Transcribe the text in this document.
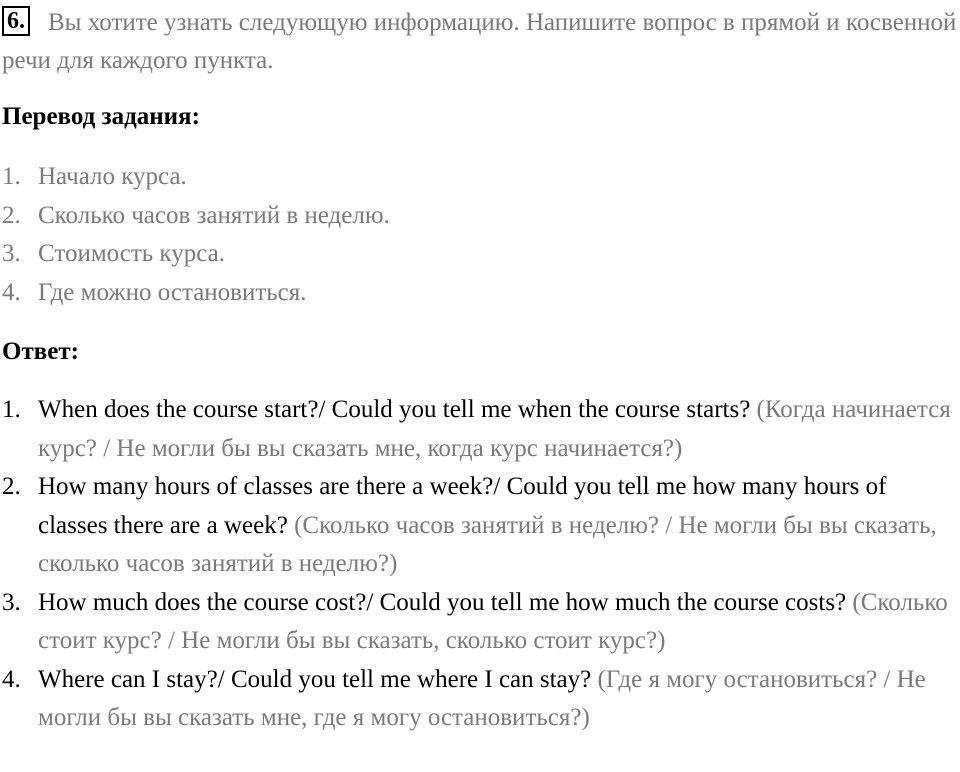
6. Вы хотите узнать следующую информацию. Напишите вопрос в прямой и косвенной речи для каждого пункта.
Перевод задания:
1. Начало курса.
2. Сколько часов занятий в неделю.
3. Стоимость курса.
4. Где можно остановиться.
Ответ:
1. When does the course start?/ Could you tell me when the course starts? (Когда начинается курс? / Не могли бы вы сказать мне, когда курс начинается?)
2. How many hours of classes are there a week?/ Could you tell me how many hours of classes there are a week? (Сколько часов занятий в неделю? / Не могли бы вы сказать, сколько часов занятий в неделю?)
3. How much does the course cost?/ Could you tell me how much the course costs? (Сколько стоит курс? / Не могли бы вы сказать, сколько стоит курс?)
4. Where can I stay?/ Could you tell me where I can stay? (Где я могу остановиться? / Не могли бы вы сказать мне, где я могу остановиться?)
